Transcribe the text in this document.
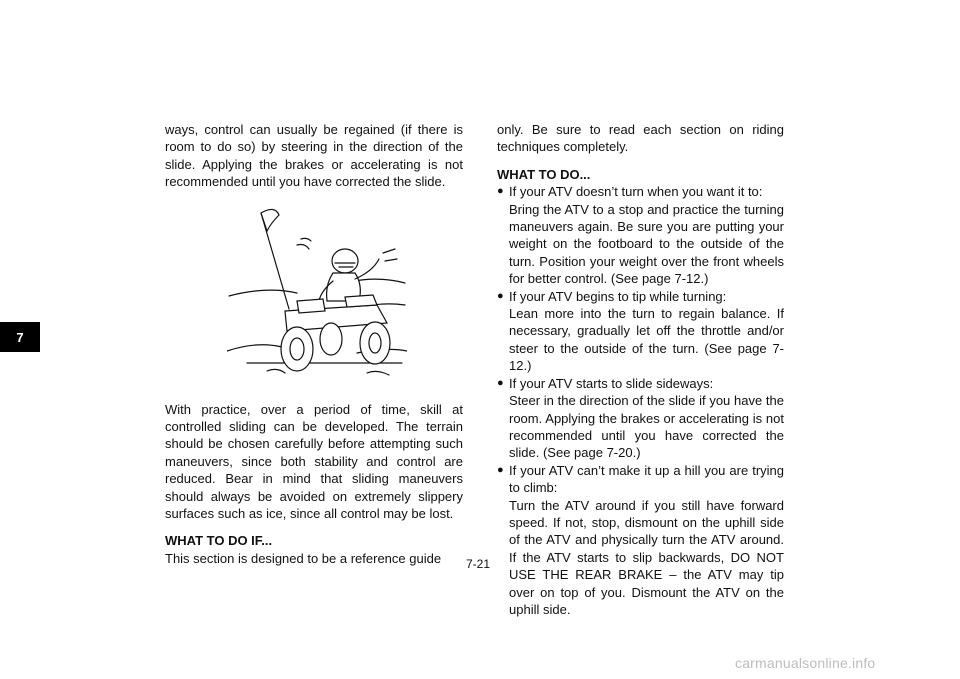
7

ways, control can usually be regained (if there is room to do so) by steering in the direction of the slide. Applying the brakes or accelerating is not recommended until you have corrected the slide.

With practice, over a period of time, skill at controlled sliding can be developed. The terrain should be chosen carefully before attempting such maneuvers, since both stability and control are reduced. Bear in mind that sliding maneuvers should always be avoided on extremely slippery surfaces such as ice, since all control may be lost.

WHAT TO DO IF...

This section is designed to be a reference guide

only. Be sure to read each section on riding techniques completely.

WHAT TO DO...

● If your ATV doesn’t turn when you want it to:
Bring the ATV to a stop and practice the turning maneuvers again. Be sure you are putting your weight on the footboard to the outside of the turn. Position your weight over the front wheels for better control. (See page 7-12.)
● If your ATV begins to tip while turning:
Lean more into the turn to regain balance. If necessary, gradually let off the throttle and/or steer to the outside of the turn. (See page 7-12.)
● If your ATV starts to slide sideways:
Steer in the direction of the slide if you have the room. Applying the brakes or accelerating is not recommended until you have corrected the slide. (See page 7-20.)
● If your ATV can’t make it up a hill you are trying to climb:
Turn the ATV around if you still have forward speed. If not, stop, dismount on the uphill side of the ATV and physically turn the ATV around. If the ATV starts to slip backwards, DO NOT USE THE REAR BRAKE – the ATV may tip over on top of you. Dismount the ATV on the uphill side.
7-21
carmanualsonline.info
